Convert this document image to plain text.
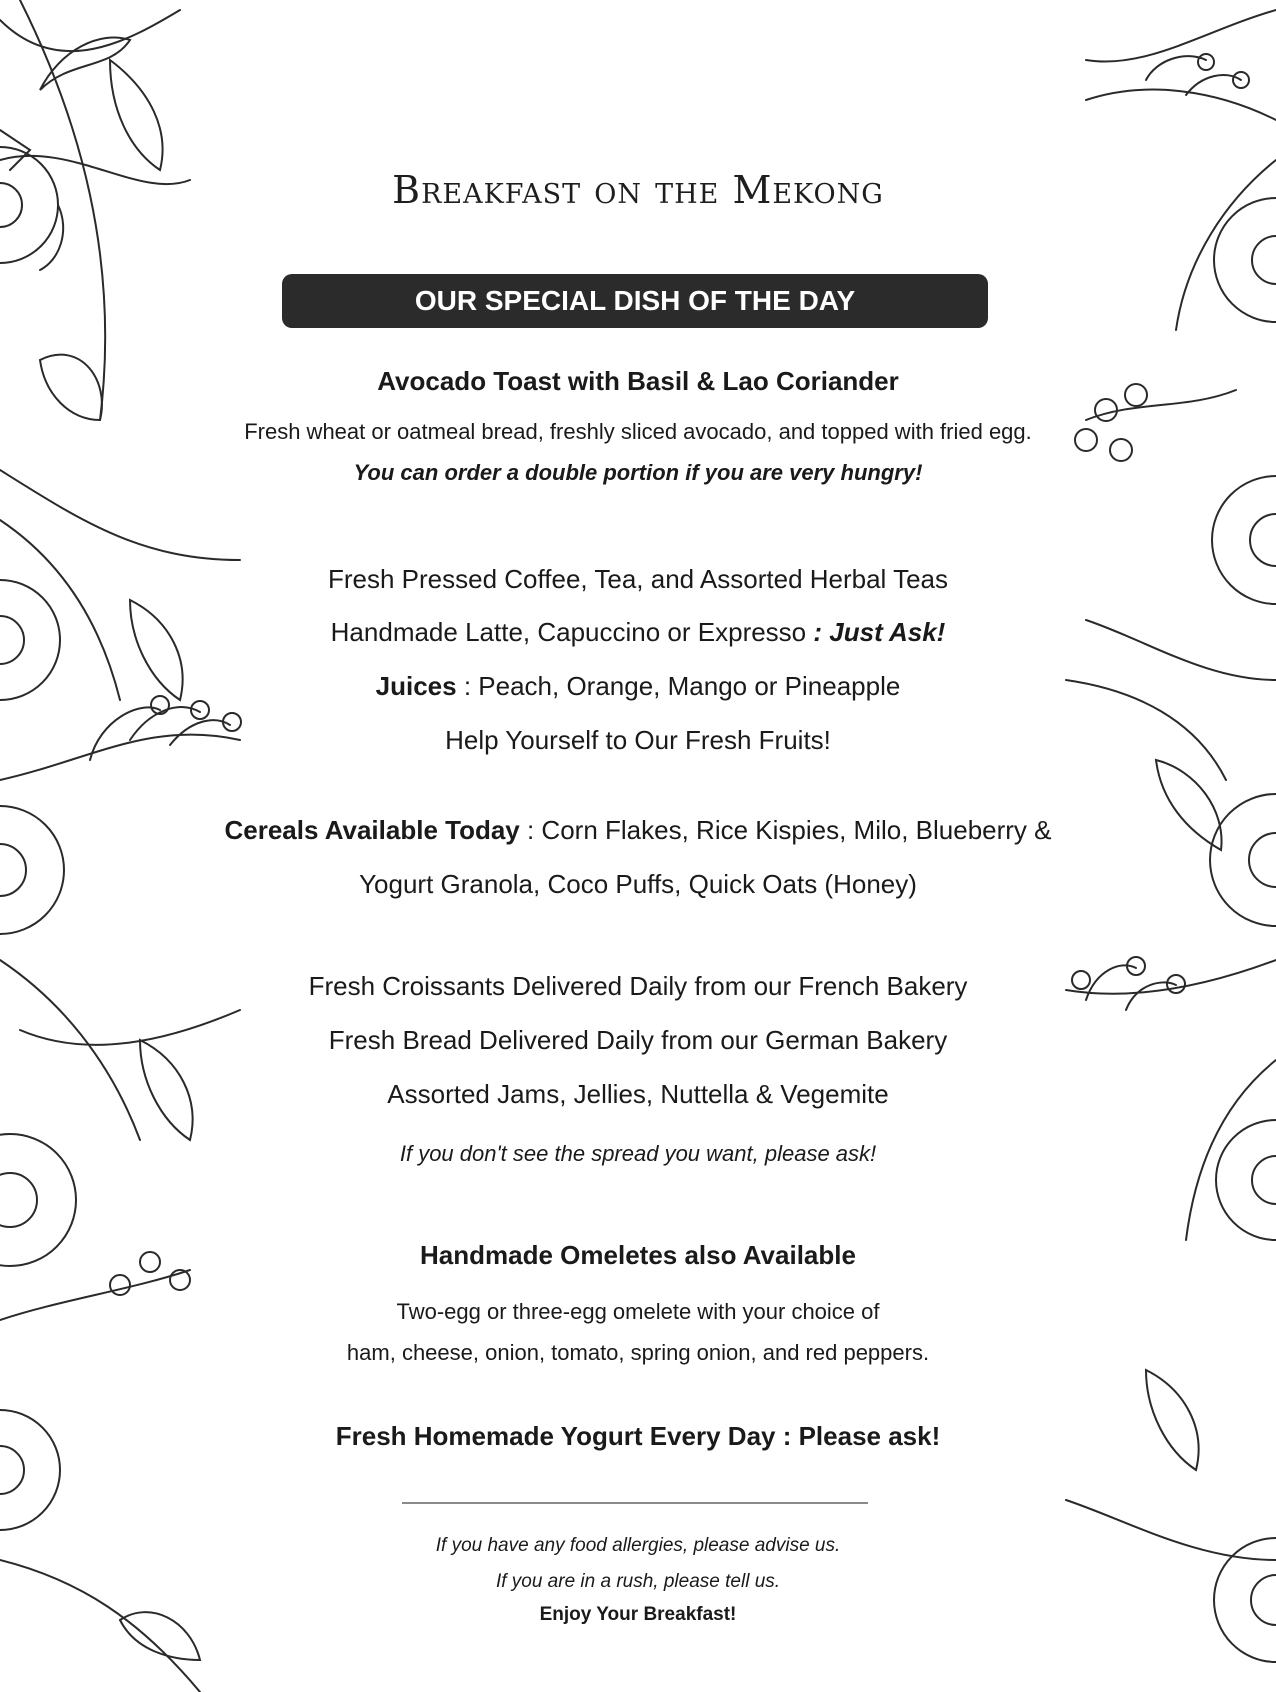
Breakfast on the Mekong
OUR SPECIAL DISH OF THE DAY
Avocado Toast with Basil & Lao Coriander
Fresh wheat or oatmeal bread, freshly sliced avocado, and topped with fried egg.
You can order a double portion if you are very hungry!
Fresh Pressed Coffee, Tea, and Assorted Herbal Teas
Handmade Latte, Capuccino or Expresso : Just Ask!
Juices : Peach, Orange, Mango or Pineapple
Help Yourself to Our Fresh Fruits!
Cereals Available Today : Corn Flakes, Rice Kispies, Milo, Blueberry &
Yogurt Granola, Coco Puffs, Quick Oats (Honey)
Fresh Croissants Delivered Daily from our French Bakery
Fresh Bread Delivered Daily from our German Bakery
Assorted Jams, Jellies, Nuttella & Vegemite
If you don't see the spread you want, please ask!
Handmade Omeletes also Available
Two-egg or three-egg omelete with your choice of
ham, cheese, onion, tomato, spring onion, and red peppers.
Fresh Homemade Yogurt Every Day : Please ask!
If you have any food allergies, please advise us.
If you are in a rush, please tell us.
Enjoy Your Breakfast!
